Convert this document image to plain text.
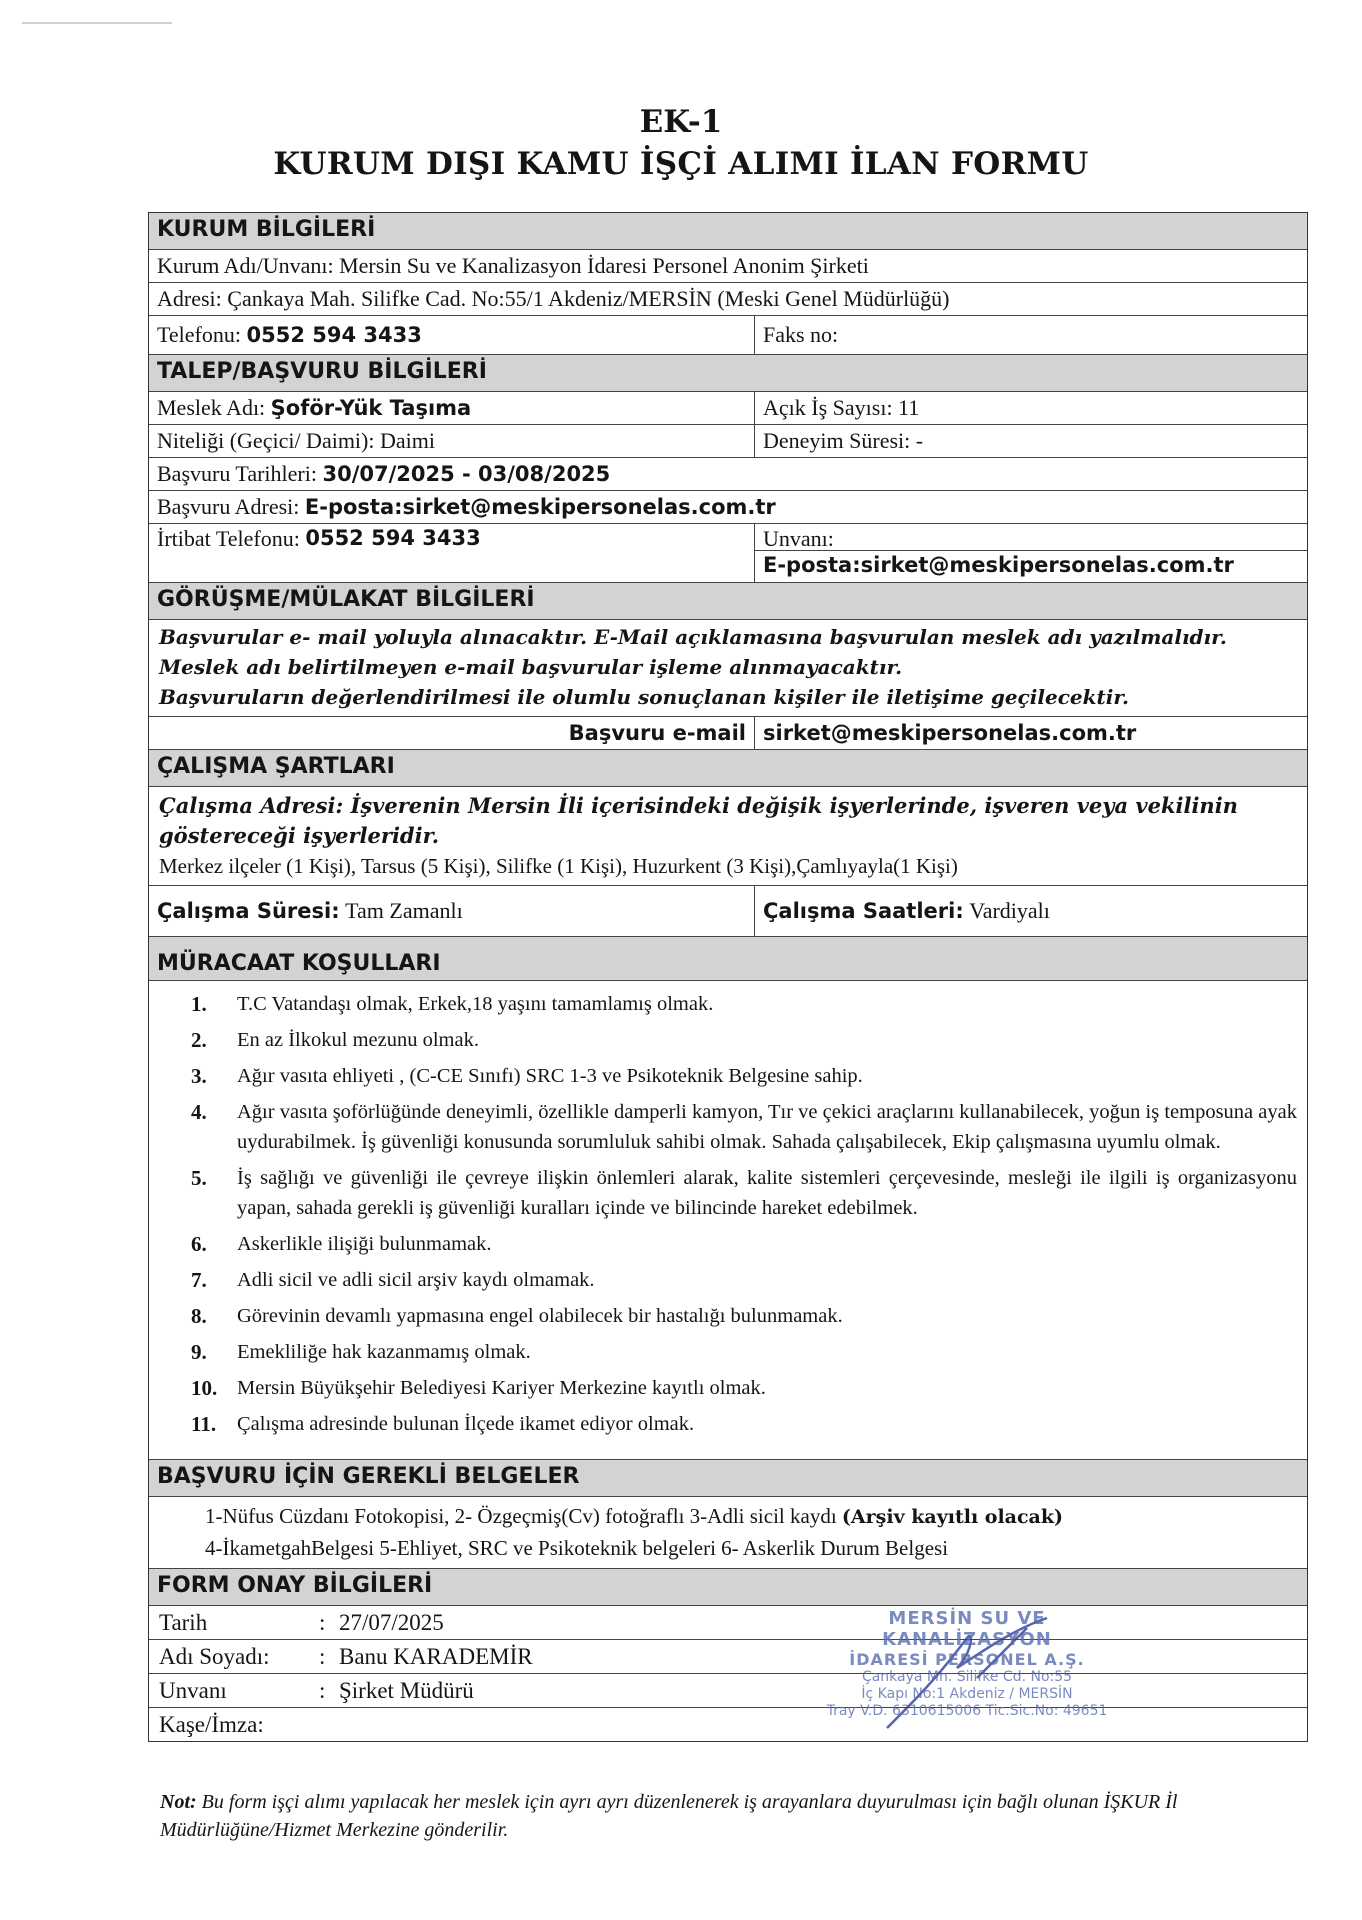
EK-1
KURUM DIŞI KAMU İŞÇİ ALIMI İLAN FORMU
KURUM BİLGİLERİ
Kurum Adı/Unvanı:
Mersin Su ve Kanalizasyon İdaresi Personel Anonim Şirketi
Adresi:
Çankaya Mah. Silifke Cad. No:55/1 Akdeniz/MERSİN (Meski Genel Müdürlüğü)
Telefonu:
0552 594 3433	Faks no:
TALEP/BAŞVURU BİLGİLERİ
Meslek Adı:
Şoför-Yük Taşıma	Açık İş Sayısı:
11
Niteliği (Geçici/ Daimi):
Daimi	Deneyim Süresi:
-
Başvuru Tarihleri:
30/07/2025 - 03/08/2025
Başvuru Adresi:
E-posta:sirket@meskipersonelas.com.tr
İrtibat Telefonu:
0552 594 3433	Unvanı:
E-posta:sirket@meskipersonelas.com.tr
GÖRÜŞME/MÜLAKAT BİLGİLERİ
Başvurular e- mail yoluyla alınacaktır. E-Mail açıklamasına başvurulan meslek adı yazılmalıdır.
Meslek adı belirtilmeyen e-mail başvurular işleme alınmayacaktır.
Başvuruların değerlendirilmesi ile olumlu sonuçlanan kişiler ile iletişime geçilecektir.
Başvuru e-mail sirket@meskipersonelas.com.tr
ÇALIŞMA ŞARTLARI
Çalışma Adresi: İşverenin Mersin İli içerisindeki değişik işyerlerinde, işveren veya vekilinin göstereceği işyerleridir.
Merkez ilçeler (1 Kişi), Tarsus (5 Kişi), Silifke (1 Kişi), Huzurkent (3 Kişi),Çamlıyayla(1 Kişi)
Çalışma Süresi:
Tam Zamanlı	Çalışma Saatleri:
Vardiyalı
MÜRACAAT KOŞULLARI
1.	T.C Vatandaşı olmak, Erkek,18 yaşını tamamlamış olmak.
2.	En az İlkokul mezunu olmak.
3.	Ağır vasıta ehliyeti , (C-CE Sınıfı) SRC 1-3 ve Psikoteknik Belgesine sahip.
4.	Ağır vasıta şoförlüğünde deneyimli, özellikle damperli kamyon, Tır ve çekici araçlarını kullanabilecek, yoğun iş temposuna ayak uydurabilmek. İş güvenliği konusunda sorumluluk sahibi olmak. Sahada çalışabilecek, Ekip çalışmasına uyumlu olmak.
5.	İş sağlığı ve güvenliği ile çevreye ilişkin önlemleri alarak, kalite sistemleri çerçevesinde, mesleği ile ilgili iş organizasyonu yapan, sahada gerekli iş güvenliği kuralları içinde ve bilincinde hareket edebilmek.
6.	Askerlikle ilişiği bulunmamak.
7.	Adli sicil ve adli sicil arşiv kaydı olmamak.
8.	Görevinin devamlı yapmasına engel olabilecek bir hastalığı bulunmamak.
9.	Emekliliğe hak kazanmamış olmak.
10. Mersin Büyükşehir Belediyesi Kariyer Merkezine kayıtlı olmak.
11.	Çalışma adresinde bulunan İlçede ikamet ediyor olmak.
BAŞVURU İÇİN GEREKLİ BELGELER
1-Nüfus Cüzdanı Fotokopisi, 2- Özgeçmiş(Cv) fotoğraflı 3-Adli sicil kaydı (Arşiv kayıtlı olacak)
4-İkametgahBelgesi 5-Ehliyet, SRC ve Psikoteknik belgeleri 6- Askerlik Durum Belgesi
FORM ONAY BİLGİLERİ
Tarih	: 27/07/2025
Adı Soyadı:	: Banu KARADEMİR
Unvanı	: Şirket Müdürü
Kaşe/İmza:
MERSİN SU VE KANALİZASYON
İDARESİ PERSONEL A.Ş.
Çankaya Mh. Silifke Cd. No:55
İç Kapı No:1 Akdeniz / MERSİN
Tray V.D. 6310615006 Tic.Sic.No: 49651
Not: Bu form işçi alımı yapılacak her meslek için ayrı ayrı düzenlenerek iş arayanlara duyurulması için bağlı olunan İŞKUR İl Müdürlüğüne/Hizmet Merkezine gönderilir.
